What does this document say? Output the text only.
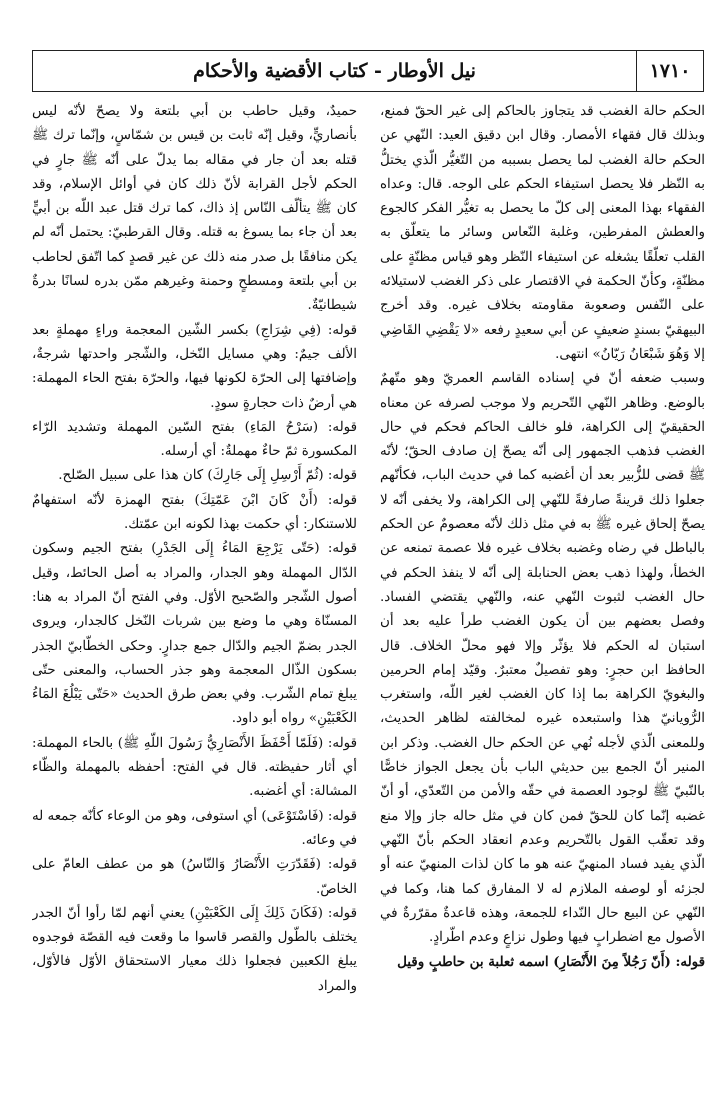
١٧١٠
نيل الأوطار - كتاب الأقضية والأحكام

الحكم حالة الغضب قد يتجاوز بالحاكم إلى غير الحقّ فمنع، وبذلك قال فقهاء الأمصار. وقال ابن دقيق العيد: النّهي عن الحكم حالة الغضب لما يحصل بسببه من التّغيُّر الّذي يختلُّ به النّظر فلا يحصل استيفاء الحكم على الوجه. قال: وعداه الفقهاء بهذا المعنى إلى كلّ ما يحصل به تغيُّر الفكر كالجوع والعطش المفرطين، وغلبة النّعاس وسائر ما يتعلّق به القلب تعلّقًا يشغله عن استيفاء النّظر وهو قياس مظنّةٍ على مظنّةٍ، وكأنّ الحكمة في الاقتصار على ذكر الغضب لاستيلائه على النّفس وصعوبة مقاومته بخلاف غيره. وقد أخرج البيهقيّ بسندٍ ضعيفٍ عن أبي سعيدٍ رفعه «لا يَقْضِي القَاضِي إلا وَهُوَ شَبْعَانُ رَيّانُ» انتهى.

وسبب ضعفه أنّ في إسناده القاسم العمريّ وهو متّهمٌ بالوضع. وظاهر النّهي التّحريم ولا موجب لصرفه عن معناه الحقيقيّ إلى الكراهة، فلو خالف الحاكم فحكم في حال الغضب فذهب الجمهور إلى أنّه يصحّ إن صادف الحقّ؛ لأنّه ﷺ قضى للزُّبير بعد أن أغضبه كما في حديث الباب، فكأنّهم جعلوا ذلك قرينةً صارفةً للنّهي إلى الكراهة، ولا يخفى أنّه لا يصحّ إلحاق غيره ﷺ به في مثل ذلك لأنّه معصومٌ عن الحكم بالباطل في رضاه وغضبه بخلاف غيره فلا عصمة تمنعه عن الخطأ، ولهذا ذهب بعض الحنابلة إلى أنّه لا ينفذ الحكم في حال الغضب لثبوت النّهي عنه، والنّهي يقتضي الفساد. وفصل بعضهم بين أن يكون الغضب طرأ عليه بعد أن استبان له الحكم فلا يؤثّر وإلا فهو محلّ الخلاف. قال الحافظ ابن حجرٍ: وهو تفصيلٌ معتبرٌ. وقيّد إمام الحرمين والبغويّ الكراهة بما إذا كان الغضب لغير اللّه، واستغرب الرُّويانيّ هذا واستبعده غيره لمخالفته لظاهر الحديث، وللمعنى الّذي لأجله نُهي عن الحكم حال الغضب. وذكر ابن المنير أنّ الجمع بين حديثي الباب بأن يجعل الجواز خاصًّا بالنّبيّ ﷺ لوجود العصمة في حقّه والأمن من التّعدّي، أو أنّ غضبه إنّما كان للحقّ فمن كان في مثل حاله جاز وإلا منع وقد تعقّب القول بالتّحريم وعدم انعقاد الحكم بأنّ النّهي الّذي يفيد فساد المنهيّ عنه هو ما كان لذات المنهيّ عنه أو لجزئه أو لوصفه الملازم له لا المفارق كما هنا، وكما في النّهي عن البيع حال النّداء للجمعة، وهذه قاعدةٌ مقرّرةٌ في الأصول مع اضطرابٍ فيها وطول نزاعٍ وعدم اطّرادٍ.

قوله: (أَنّ رَجُلاً مِنَ الأَنْصَارِ) اسمه ثعلبة بن حاطبٍ وقيل

حميدٌ، وقيل حاطب بن أبي بلتعة ولا يصحّ لأنّه ليس بأنصاريٍّ، وقيل إنّه ثابت بن قيس بن شمّاسٍ، وإنّما ترك ﷺ قتله بعد أن جار في مقاله بما يدلّ على أنّه ﷺ جارٍ في الحكم لأجل القرابة لأنّ ذلك كان في أوائل الإسلام، وقد كان ﷺ يتألّف النّاس إذ ذاك، كما ترك قتل عبد اللّه بن أبيٍّ بعد أن جاء بما يسوغ به قتله. وقال القرطبيّ: يحتمل أنّه لم يكن منافقًا بل صدر منه ذلك عن غير قصدٍ كما اتّفق لحاطب بن أبي بلتعة ومسطحٍ وحمنة وغيرهم ممّن بدره لسانًا بدرةٌ شيطانيّةٌ.

قوله: (فِي شِرَاجِ) بكسر الشّين المعجمة وراءٍ مهملةٍ بعد الألف جيمٌ: وهي مسايل النّخل، والشّجر واحدتها شرجةٌ، وإضافتها إلى الحرّة لكونها فيها، والحرّة بفتح الحاء المهملة: هي أرضٌ ذات حجارةٍ سودٍ.

قوله: (سَرْحُ المَاءِ) بفتح السّين المهملة وتشديد الرّاء المكسورة ثمّ حاءٌ مهملةٌ: أي أرسله.

قوله: (ثُمّ أَرْسِلِ إِلَى جَارِكَ) كان هذا على سبيل الصّلح.

قوله: (أَنْ كَانَ ابْنَ عَمّتِكَ) بفتح الهمزة لأنّه استفهامٌ للاستنكار: أي حكمت بهذا لكونه ابن عمّتك.

قوله: (حَتّى يَرْجِعَ المَاءُ إِلَى الجَدْرِ) بفتح الجيم وسكون الدّال المهملة وهو الجدار، والمراد به أصل الحائط، وقيل أصول الشّجر والصّحيح الأوّل. وفي الفتح أنّ المراد به هنا: المسنّاة وهي ما وضع بين شربات النّخل كالجدار، ويروى الجدر بضمّ الجيم والدّال جمع جدارٍ. وحكى الخطّابيّ الجذر بسكون الذّال المعجمة وهو جذر الحساب، والمعنى حتّى يبلغ تمام الشّرب. وفي بعض طرق الحديث «حَتّى يَبْلُغَ المَاءُ الكَعْبَيْنِ» رواه أبو داود.

قوله: (فَلَمّا أَحْفَظَ الأَنْصَارِيُّ رَسُولَ اللّهِ ﷺ) بالحاء المهملة: أي أثار حفيظته. قال في الفتح: أحفظه بالمهملة والظّاء المشالة: أي أغضبه.

قوله: (فَاسْتَوْعَى) أي استوفى، وهو من الوعاء كأنّه جمعه له في وعائه.

قوله: (فَقَدّرَتِ الأَنْصَارُ وَالنّاسُ) هو من عطف العامّ على الخاصّ.

قوله: (فَكَانَ ذَلِكَ إِلَى الكَعْبَيْنِ) يعني أنهم لمّا رأوا أنّ الجدر يختلف بالطّول والقصر قاسوا ما وقعت فيه القصّة فوجدوه يبلغ الكعبين فجعلوا ذلك معيار الاستحقاق الأوّل فالأوّل، والمراد
